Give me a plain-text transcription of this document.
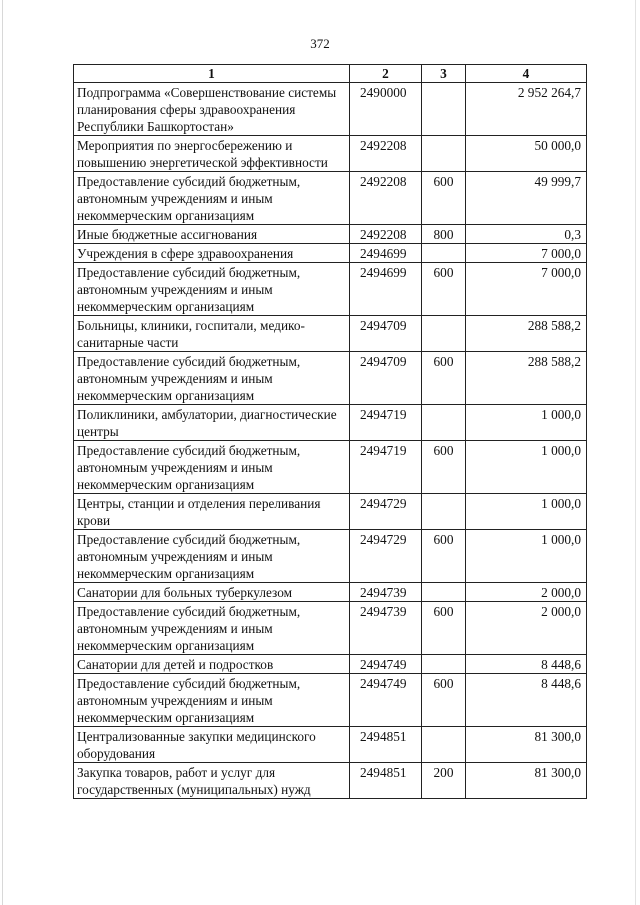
372
1	2	3	4
Подпрограмма «Совершенствование системы планирования сферы здравоохранения Республики Башкортостан»	2490000		2 952 264,7
Мероприятия по энергосбережению и повышению энергетической эффективности	2492208		50 000,0
Предоставление субсидий бюджетным, автономным учреждениям и иным некоммерческим организациям	2492208	600	49 999,7
Иные бюджетные ассигнования	2492208	800	0,3
Учреждения в сфере здравоохранения	2494699		7 000,0
Предоставление субсидий бюджетным, автономным учреждениям и иным некоммерческим организациям	2494699	600	7 000,0
Больницы, клиники, госпитали, медико-санитарные части	2494709		288 588,2
Предоставление субсидий бюджетным, автономным учреждениям и иным некоммерческим организациям	2494709	600	288 588,2
Поликлиники, амбулатории, диагностические центры	2494719		1 000,0
Предоставление субсидий бюджетным, автономным учреждениям и иным некоммерческим организациям	2494719	600	1 000,0
Центры, станции и отделения переливания крови	2494729		1 000,0
Предоставление субсидий бюджетным, автономным учреждениям и иным некоммерческим организациям	2494729	600	1 000,0
Санатории для больных туберкулезом	2494739		2 000,0
Предоставление субсидий бюджетным, автономным учреждениям и иным некоммерческим организациям	2494739	600	2 000,0
Санатории для детей и подростков	2494749		8 448,6
Предоставление субсидий бюджетным, автономным учреждениям и иным некоммерческим организациям	2494749	600	8 448,6
Централизованные закупки медицинского оборудования	2494851		81 300,0
Закупка товаров, работ и услуг для государственных (муниципальных) нужд	2494851	200	81 300,0
